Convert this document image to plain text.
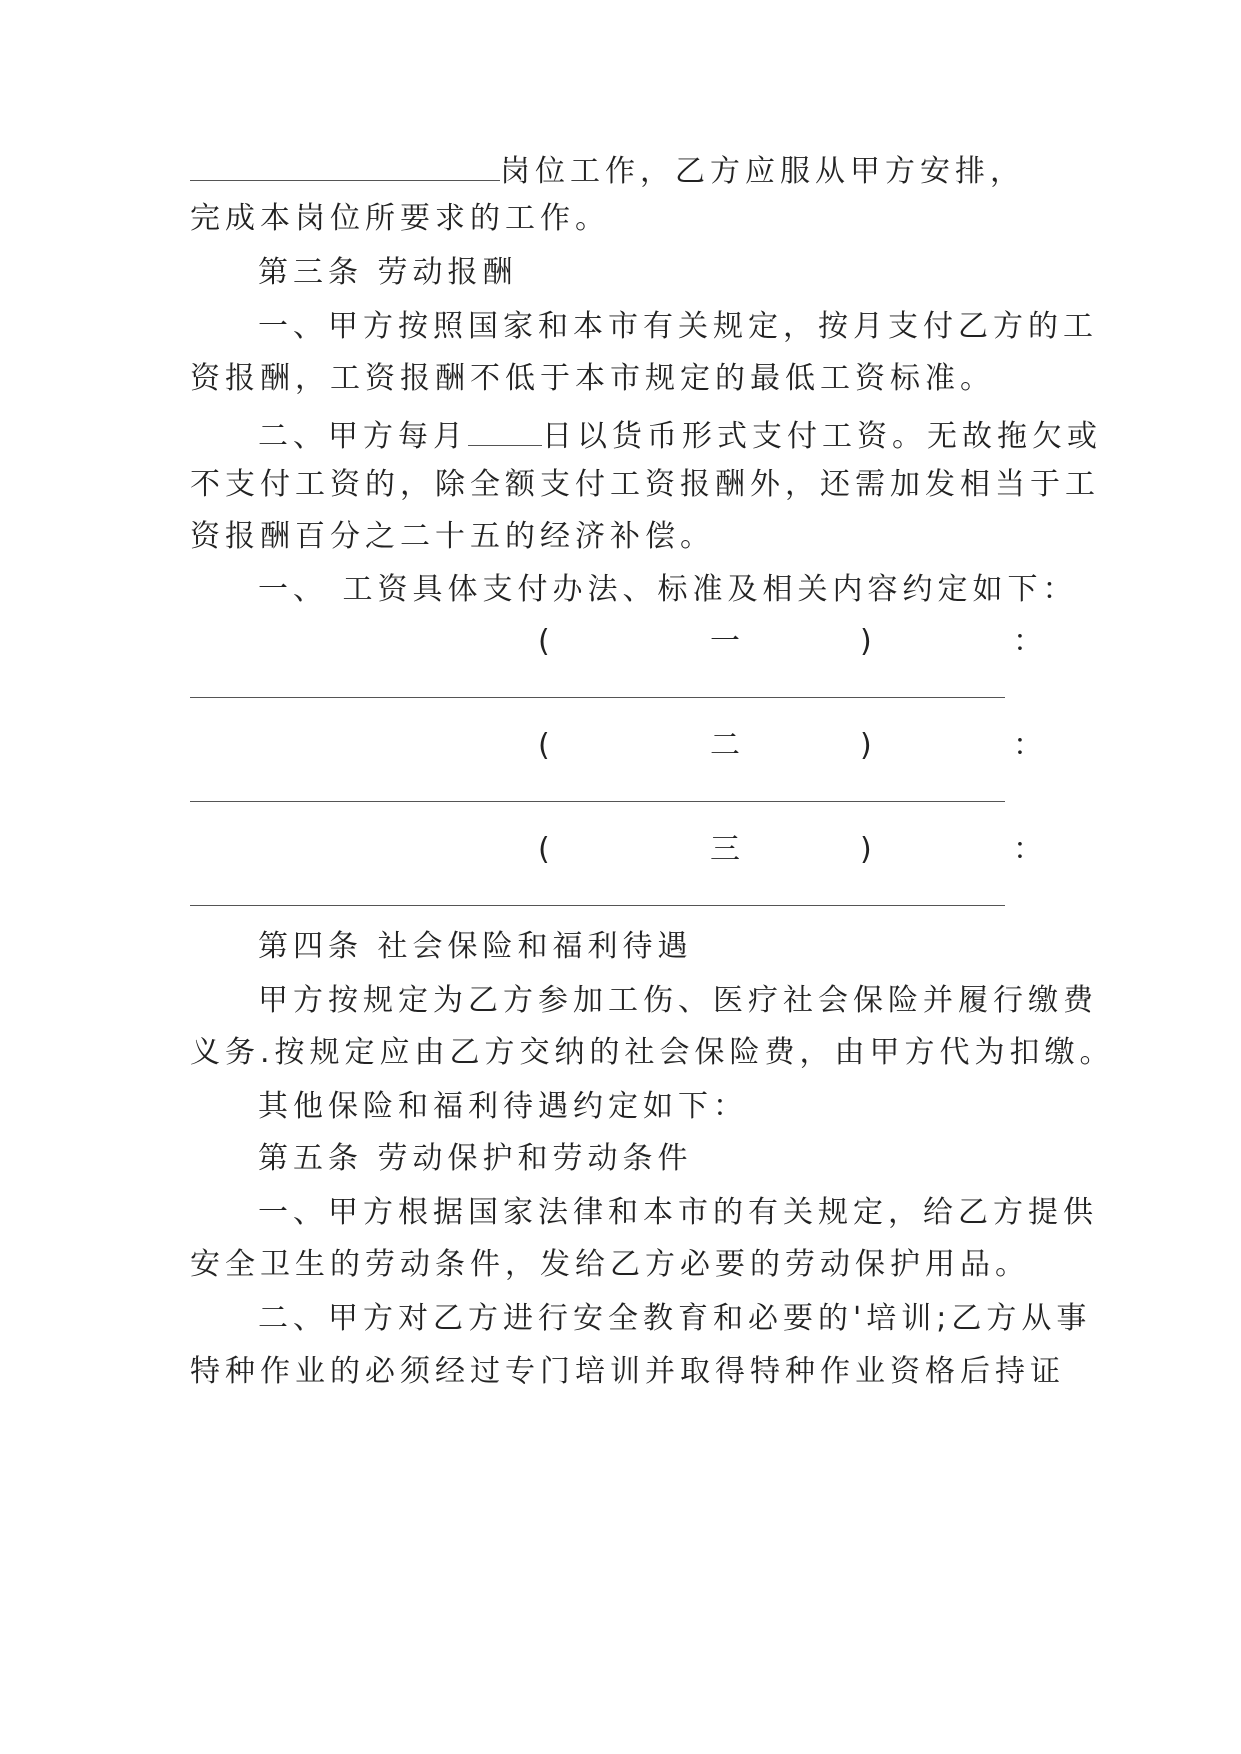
岗位工作，乙方应服从甲方安排，
完成本岗位所要求的工作。
第三条 劳动报酬
一、甲方按照国家和本市有关规定，按月支付乙方的工
资报酬，工资报酬不低于本市规定的最低工资标准。
二、甲方每月 日以货币形式支付工资。无故拖欠或
不支付工资的，除全额支付工资报酬外，还需加发相当于工
资报酬百分之二十五的经济补偿。
一、 工资具体支付办法、标准及相关内容约定如下：
(	一	)	：
(	二	)	：
(	三	)	：
第四条 社会保险和福利待遇
甲方按规定为乙方参加工伤、医疗社会保险并履行缴费
义务.按规定应由乙方交纳的社会保险费，由甲方代为扣缴。
其他保险和福利待遇约定如下：
第五条 劳动保护和劳动条件
一、甲方根据国家法律和本市的有关规定，给乙方提供
安全卫生的劳动条件，发给乙方必要的劳动保护用品。
二、甲方对乙方进行安全教育和必要的'培训;乙方从事
特种作业的必须经过专门培训并取得特种作业资格后持证
